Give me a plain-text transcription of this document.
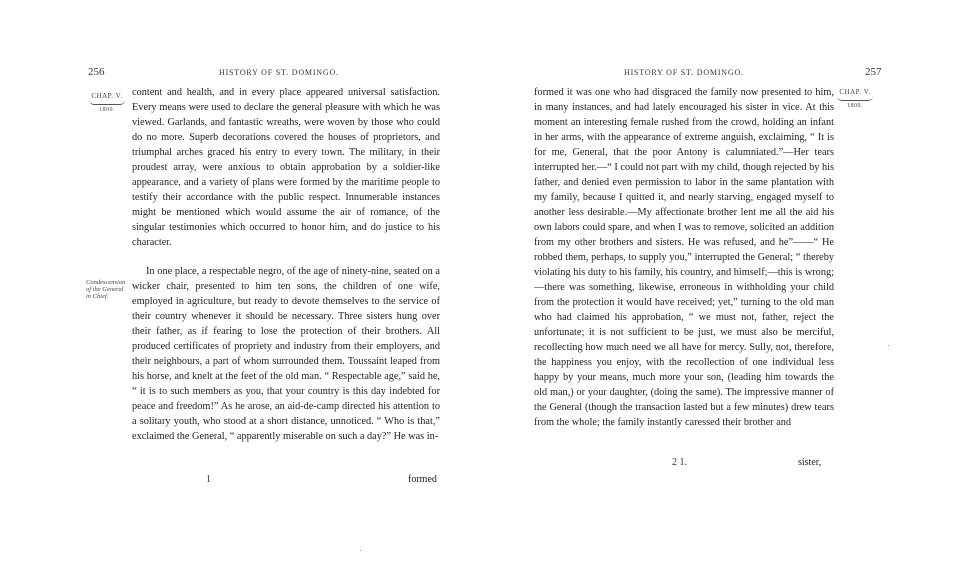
256	HISTORY OF ST. DOMINGO.
CHAP. V.
1800.
Condescension of the General in Chief.

content and health, and in every place appeared universal satisfaction. Every means were used to declare the general pleasure with which he was viewed. Garlands, and fantastic wreaths, were woven by those who could do no more. Superb decorations covered the houses of proprietors, and triumphal arches graced his entry to every town. The military, in their proudest array, were anxious to obtain approbation by a soldier-like appearance, and a variety of plans were formed by the maritime people to testify their accordance with the public respect. Innumerable instances might be mentioned which would assume the air of romance, of the singular testimonies which occurred to honor him, and do justice to his character.

In one place, a respectable negro, of the age of ninety-nine, seated on a wicker chair, presented to him ten sons, the children of one wife, employed in agriculture, but ready to devote themselves to the service of their country whenever it should be necessary. Three sisters hung over their father, as if fearing to lose the protection of their brothers. All produced certificates of propriety and industry from their employers, and their neighbours, a part of whom surrounded them. Toussaint leaped from his horse, and knelt at the feet of the old man. “ Respectable age,” said he, “ it is to such members as you, that your country is this day indebted for peace and freedom!” As he arose, an aid-de-camp directed his attention to a solitary youth, who stood at a short distance, unnoticed. “ Who is that,” exclaimed the General, “ apparently miserable on such a day?” He was in-

1	formed
HISTORY OF ST. DOMINGO.	257
CHAP. V.
1800.

formed it was one who had disgraced the family now presented to him, in many instances, and had lately encouraged his sister in vice. At this moment an interesting female rushed from the crowd, holding an infant in her arms, with the appearance of extreme anguish, exclaiming, “ It is for me, General, that the poor Antony is calumniated.”—Her tears interrupted her.—“ I could not part with my child, though rejected by his father, and denied even permission to labor in the same plantation with my family, because I quitted it, and nearly starving, engaged myself to another less desirable.—My affectionate brother lent me all the aid his own labors could spare, and when I was to remove, solicited an addition from my other brothers and sisters. He was refused, and he”——“ He robbed them, perhaps, to supply you,” interrupted the General; “ thereby violating his duty to his family, his country, and himself;—this is wrong;—there was something, likewise, erroneous in withholding your child from the protection it would have received; yet,” turning to the old man who had claimed his approbation, “ we must not, father, reject the unfortunate; it is not sufficient to be just, we must also be merciful, recollecting how much need we all have for mercy. Sully, not, therefore, the happiness you enjoy, with the recollection of one individual less happy by your means, much more your son, (leading him towards the old man,) or your daughter, (doing the same). The impressive manner of the General (though the transaction lasted but a few minutes) drew tears from the whole; the family instantly caressed their brother and

2 1.	sister,
